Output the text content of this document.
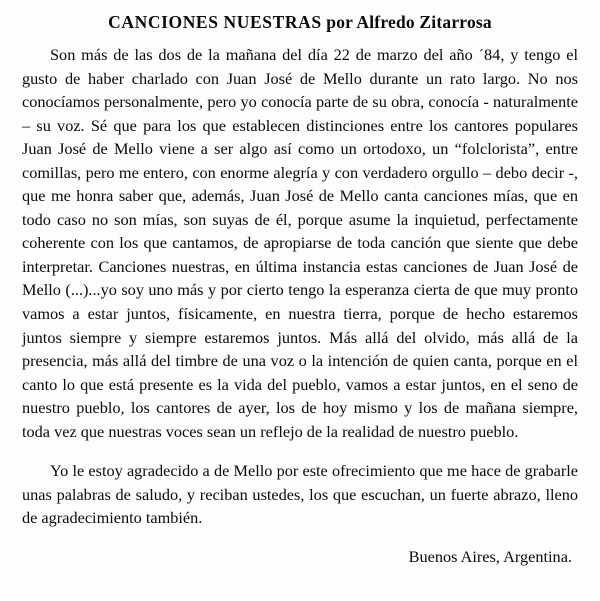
CANCIONES NUESTRAS por Alfredo Zitarrosa

Son más de las dos de la mañana del día 22 de marzo del año ´84, y tengo el gusto de haber charlado con Juan José de Mello durante un rato largo. No nos conocíamos personalmente, pero yo conocía parte de su obra, conocía - naturalmente – su voz. Sé que para los que establecen distinciones entre los cantores populares Juan José de Mello viene a ser algo así como un ortodoxo, un “folclorista”, entre comillas, pero me entero, con enorme alegría y con verdadero orgullo – debo decir -, que me honra saber que, además, Juan José de Mello canta canciones mías, que en todo caso no son mías, son suyas de él, porque asume la inquietud, perfectamente coherente con los que cantamos, de apropiarse de toda canción que siente que debe interpretar. Canciones nuestras, en última instancia estas canciones de Juan José de Mello (...)...yo soy uno más y por cierto tengo la esperanza cierta de que muy pronto vamos a estar juntos, físicamente, en nuestra tierra, porque de hecho estaremos juntos siempre y siempre estaremos juntos. Más allá del olvido, más allá de la presencia, más allá del timbre de una voz o la intención de quien canta, porque en el canto lo que está presente es la vida del pueblo, vamos a estar juntos, en el seno de nuestro pueblo, los cantores de ayer, los de hoy mismo y los de mañana siempre, toda vez que nuestras voces sean un reflejo de la realidad de nuestro pueblo.

Yo le estoy agradecido a de Mello por este ofrecimiento que me hace de grabarle unas palabras de saludo, y reciban ustedes, los que escuchan, un fuerte abrazo, lleno de agradecimiento también.

Buenos Aires, Argentina.
